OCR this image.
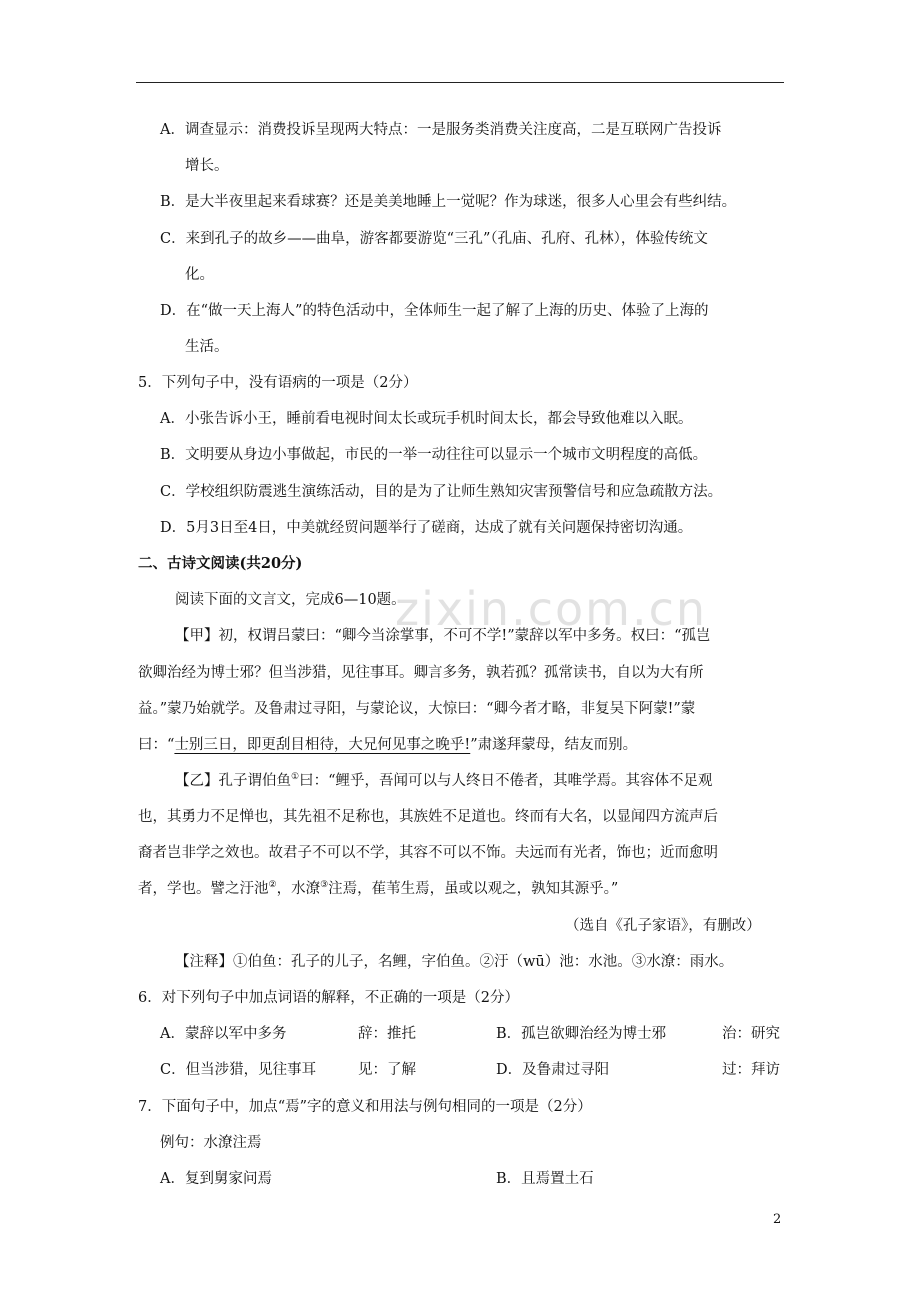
zixin.com.cn
A．调查显示：消费投诉呈现两大特点：一是服务类消费关注度高，二是互联网广告投诉
增长。
B．是大半夜里起来看球赛？还是美美地睡上一觉呢？作为球迷，很多人心里会有些纠结。
C．来到孔子的故乡——曲阜，游客都要游览“三孔”（孔庙、孔府、孔林），体验传统文
化。
D．在“做一天上海人”的特色活动中，全体师生一起了解了上海的历史、体验了上海的
生活。
5．下列句子中，没有语病的一项是（2分）
A．小张告诉小王，睡前看电视时间太长或玩手机时间太长，都会导致他难以入眠。
B．文明要从身边小事做起，市民的一举一动往往可以显示一个城市文明程度的高低。
C．学校组织防震逃生演练活动，目的是为了让师生熟知灾害预警信号和应急疏散方法。
D．5月3日至4日，中美就经贸问题举行了磋商，达成了就有关问题保持密切沟通。
二、古诗文阅读(共20分)
阅读下面的文言文，完成6—10题。
【甲】初，权谓吕蒙曰：“卿今当涂掌事，不可不学!”蒙辞以军中多务。权曰：“孤岂
欲卿治经为博士邪？但当涉猎，见往事耳。卿言多务，孰若孤？孤常读书，自以为大有所
益。”蒙乃始就学。及鲁肃过寻阳，与蒙论议，大惊曰：“卿今者才略，非复吴下阿蒙!”蒙
曰：“士别三日，即更刮目相待，大兄何见事之晚乎!”肃遂拜蒙母，结友而别。
【乙】孔子谓伯鱼①曰：“鲤乎，吾闻可以与人终日不倦者，其唯学焉。其容体不足观
也，其勇力不足惮也，其先祖不足称也，其族姓不足道也。终而有大名，以显闻四方流声后
裔者岂非学之效也。故君子不可以不学，其容不可以不饰。夫远而有光者，饰也；近而愈明
者，学也。譬之汙池②，水潦③注焉，萑苇生焉，虽或以观之，孰知其源乎。”
（选自《孔子家语》，有删改）
【注释】①伯鱼：孔子的儿子，名鲤，字伯鱼。②汙（wū）池：水池。③水潦：雨水。
6．对下列句子中加点词语的解释，不正确的一项是（2分）
A．蒙辞以军中多务	辞：推托	B．孤岂欲卿治经为博士邪	治：研究
C．但当涉猎，见往事耳	见：了解	D．及鲁肃过寻阳	过：拜访
7．下面句子中，加点“焉”字的意义和用法与例句相同的一项是（2分）
例句：水潦注焉
A．复到舅家问焉	B．且焉置土石
2
